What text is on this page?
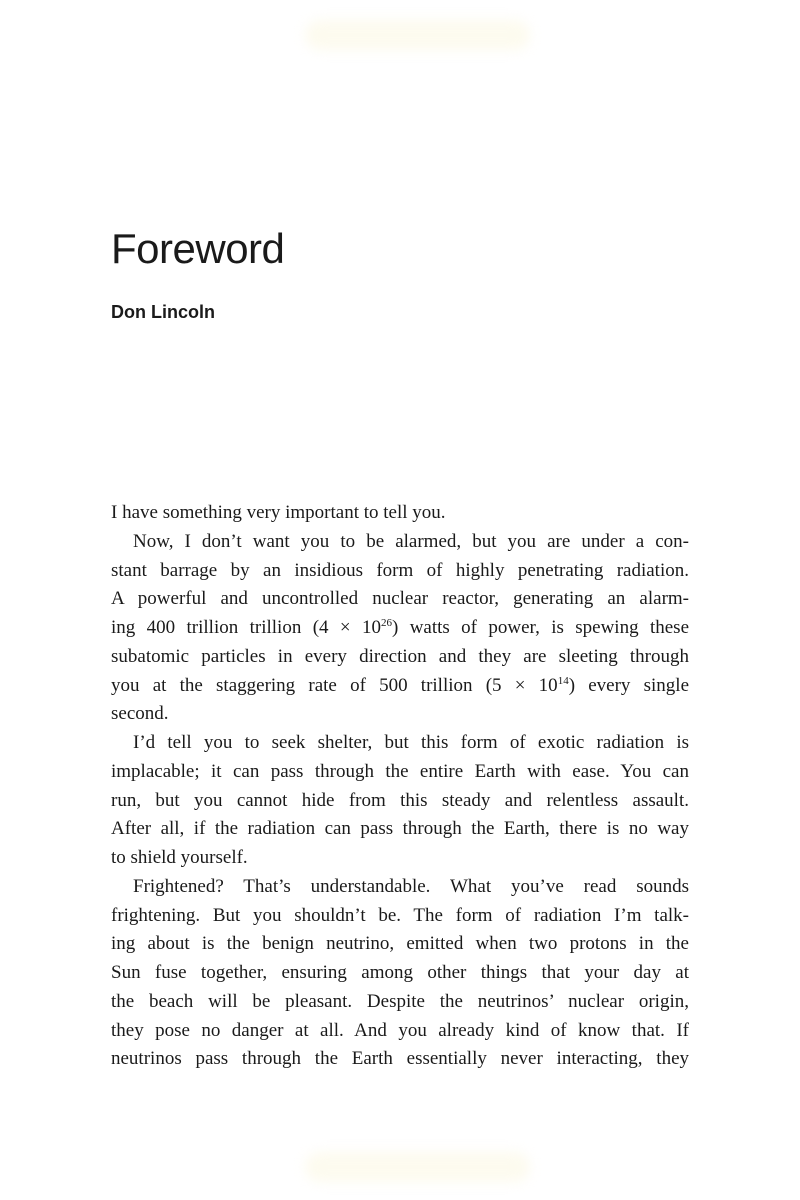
Foreword
Don Lincoln
I have something very important to tell you.
Now, I don’t want you to be alarmed, but you are under a con-
stant barrage by an insidious form of highly penetrating radiation.
A powerful and uncontrolled nuclear reactor, generating an alarm-
ing 400 trillion trillion $(4 \times 10^{26})$ watts of power, is spewing these
subatomic particles in every direction and they are sleeting through
you at the staggering rate of 500 trillion $(5 \times 10^{14})$ every single
second.
I’d tell you to seek shelter, but this form of exotic radiation is
implacable; it can pass through the entire Earth with ease. You can
run, but you cannot hide from this steady and relentless assault.
After all, if the radiation can pass through the Earth, there is no way
to shield yourself.
Frightened? That’s understandable. What you’ve read sounds
frightening. But you shouldn’t be. The form of radiation I’m talk-
ing about is the benign neutrino, emitted when two protons in the
Sun fuse together, ensuring among other things that your day at
the beach will be pleasant. Despite the neutrinos’ nuclear origin,
they pose no danger at all. And you already kind of know that. If
neutrinos pass through the Earth essentially never interacting, they
